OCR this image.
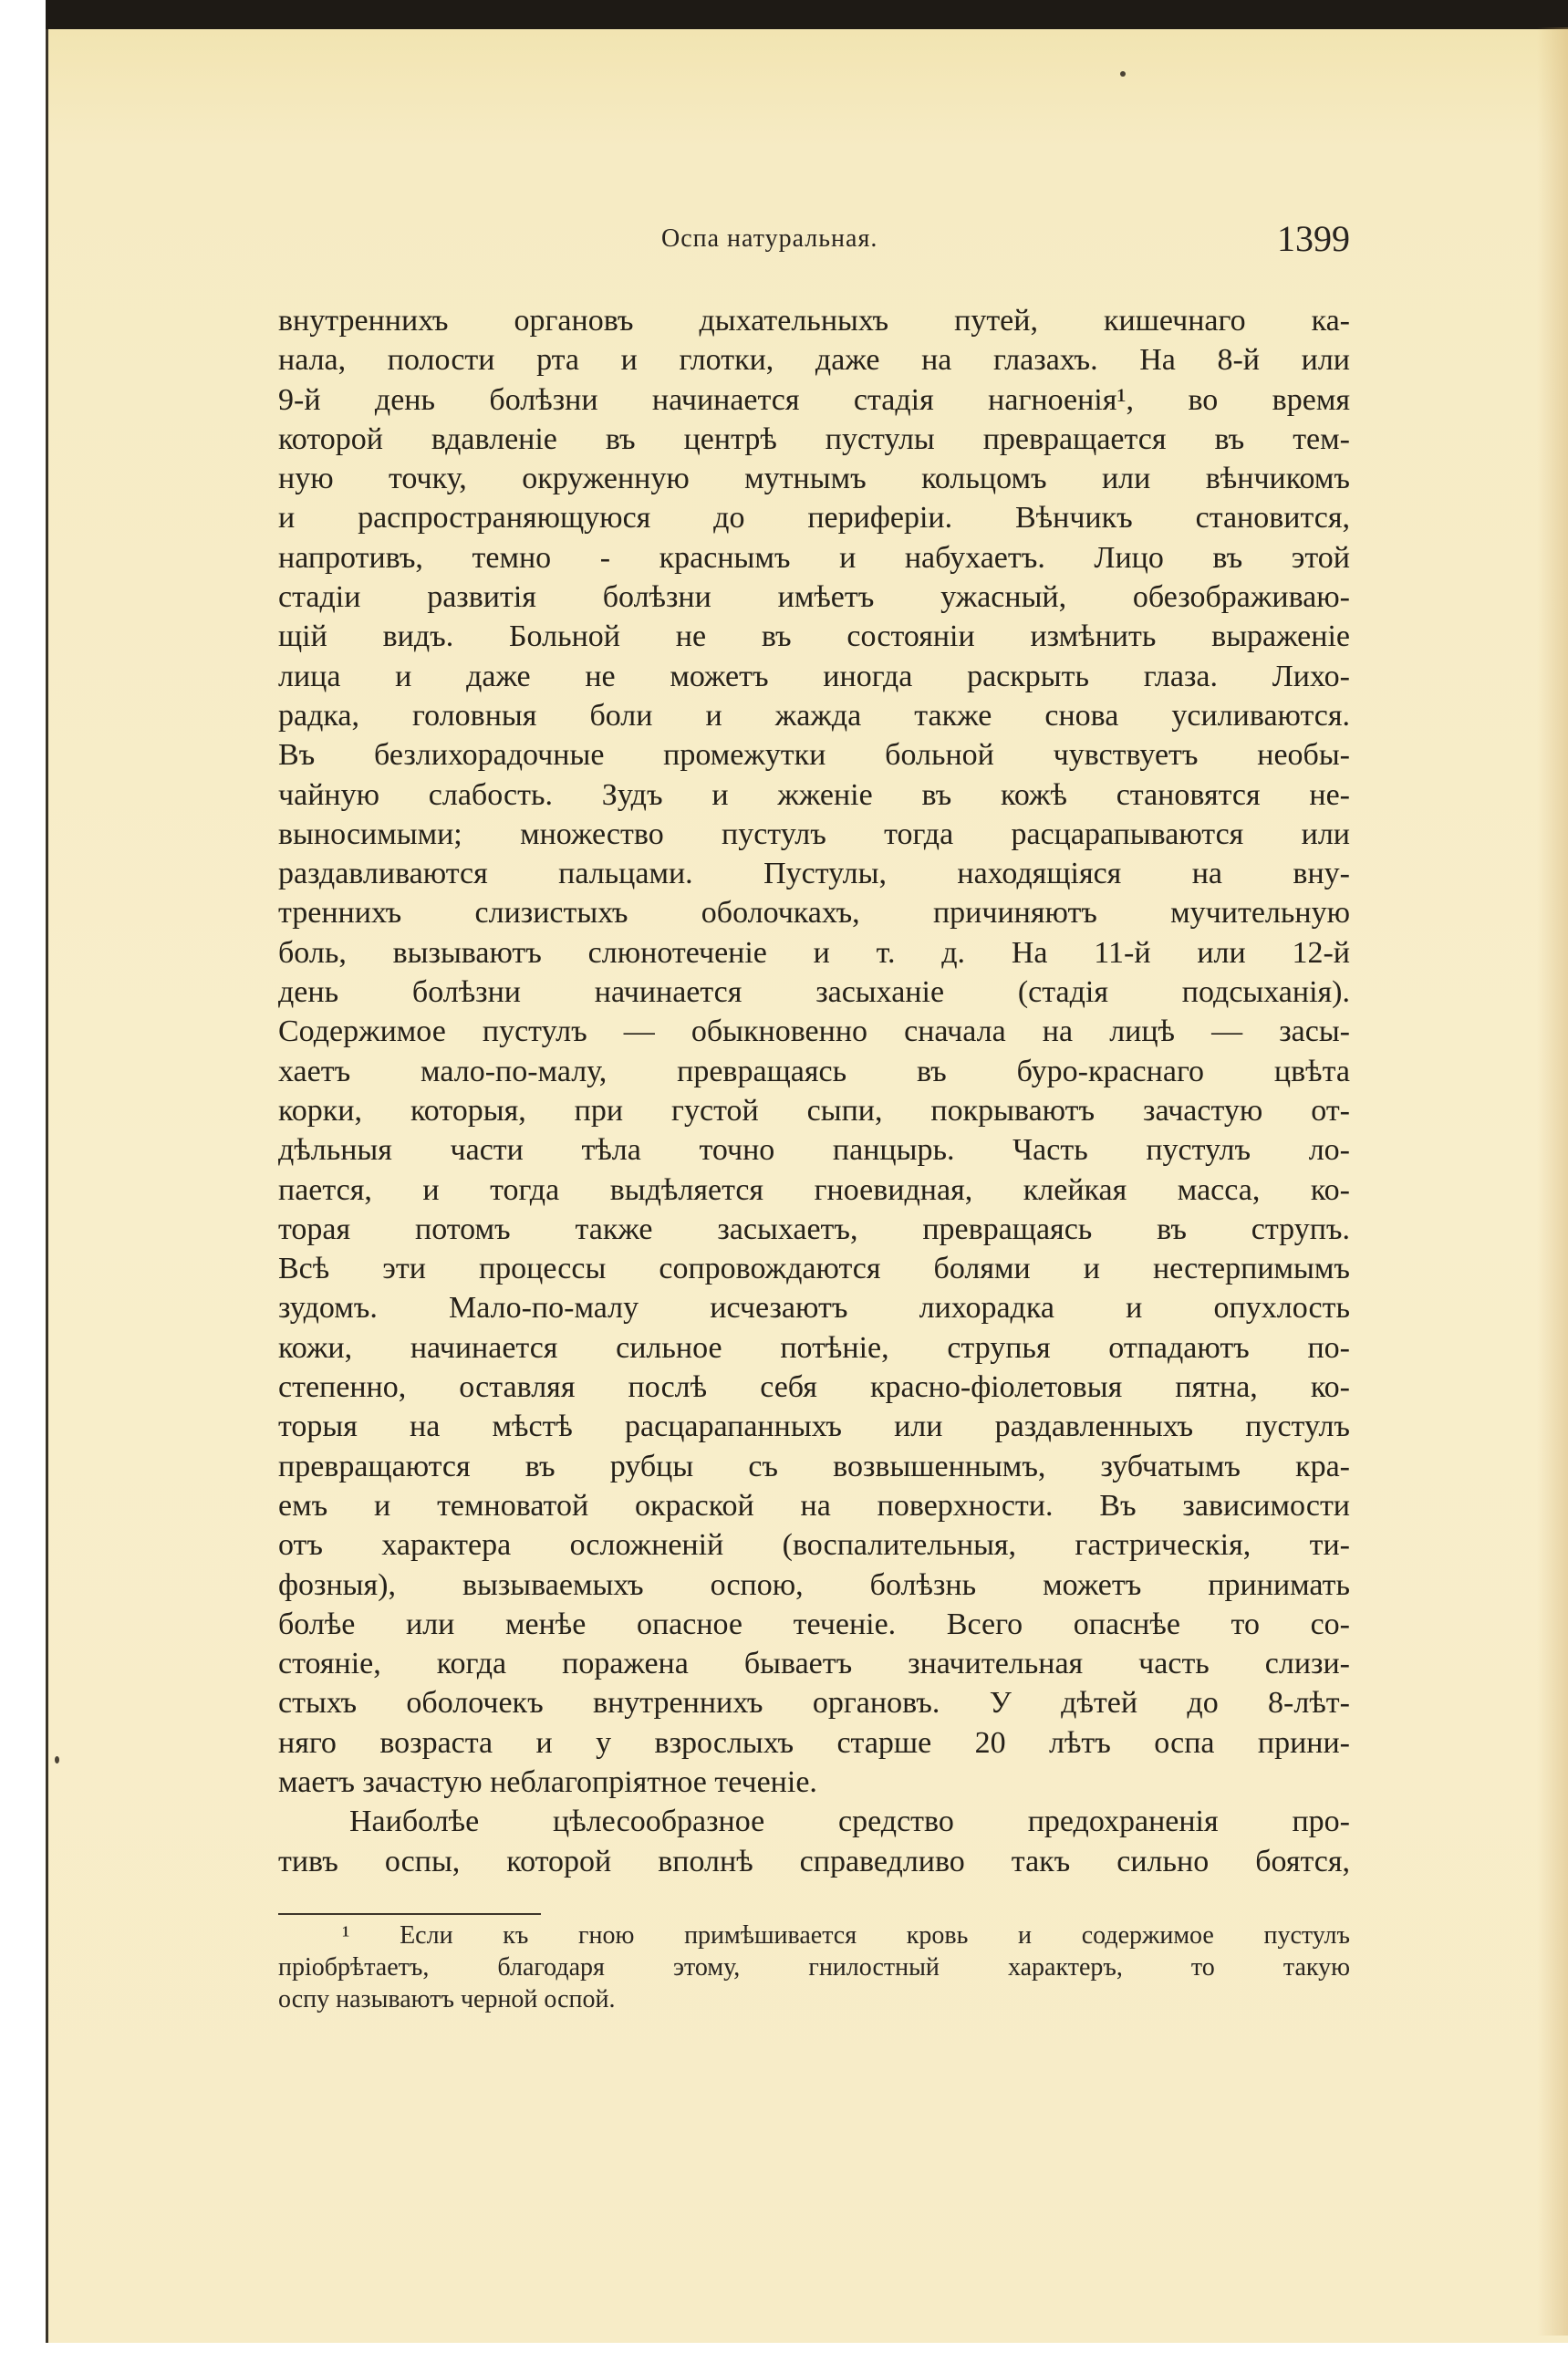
Оспа натуральная.	1399
внутреннихъ органовъ дыхательныхъ путей, кишечнаго ка-
нала, полости рта и глотки, даже на глазахъ. На 8-й или
9-й день болѣзни начинается стадія нагноенія¹, во время
которой вдавленіе въ центрѣ пустулы превращается въ тем-
ную точку, окруженную мутнымъ кольцомъ или вѣнчикомъ
и распространяющуюся до периферіи. Вѣнчикъ становится,
напротивъ, темно - краснымъ и набухаетъ. Лицо въ этой
стадіи развитія болѣзни имѣетъ ужасный, обезображиваю-
щій видъ. Больной не въ состояніи измѣнить выраженіе
лица и даже не можетъ иногда раскрыть глаза. Лихо-
радка, головныя боли и жажда также снова усиливаются.
Въ безлихорадочные промежутки больной чувствуетъ необы-
чайную слабость. Зудъ и жженіе въ кожѣ становятся не-
выносимыми; множество пустулъ тогда расцарапываются или
раздавливаются пальцами. Пустулы, находящіяся на вну-
треннихъ слизистыхъ оболочкахъ, причиняютъ мучительную
боль, вызываютъ слюнотеченіе и т. д. На 11-й или 12-й
день болѣзни начинается засыханіе (стадія подсыханія).
Содержимое пустулъ — обыкновенно сначала на лицѣ — засы-
хаетъ мало-по-малу, превращаясь въ буро-краснаго цвѣта
корки, которыя, при густой сыпи, покрываютъ зачастую от-
дѣльныя части тѣла точно панцырь. Часть пустулъ ло-
пается, и тогда выдѣляется гноевидная, клейкая масса, ко-
торая потомъ также засыхаетъ, превращаясь въ струпъ.
Всѣ эти процессы сопровождаются болями и нестерпимымъ
зудомъ. Мало-по-малу исчезаютъ лихорадка и опухлость
кожи, начинается сильное потѣніе, струпья отпадаютъ по-
степенно, оставляя послѣ себя красно-фіолетовыя пятна, ко-
торыя на мѣстѣ расцарапанныхъ или раздавленныхъ пустулъ
превращаются въ рубцы съ возвышеннымъ, зубчатымъ кра-
емъ и темноватой окраской на поверхности. Въ зависимости
отъ характера осложненій (воспалительныя, гастрическія, ти-
фозныя), вызываемыхъ оспою, болѣзнь можетъ принимать
болѣе или менѣе опасное теченіе. Всего опаснѣе то со-
стояніе, когда поражена бываетъ значительная часть слизи-
стыхъ оболочекъ внутреннихъ органовъ. У дѣтей до 8-лѣт-
няго возраста и у взрослыхъ старше 20 лѣтъ оспа прини-
маетъ зачастую неблагопріятное теченіе.
Наиболѣе цѣлесообразное средство предохраненія про-
тивъ оспы, которой вполнѣ справедливо такъ сильно боятся,
¹ Если къ гною примѣшивается кровь и содержимое пустулъ
пріобрѣтаетъ, благодаря этому, гнилостный характеръ, то такую
оспу называютъ черной оспой.
